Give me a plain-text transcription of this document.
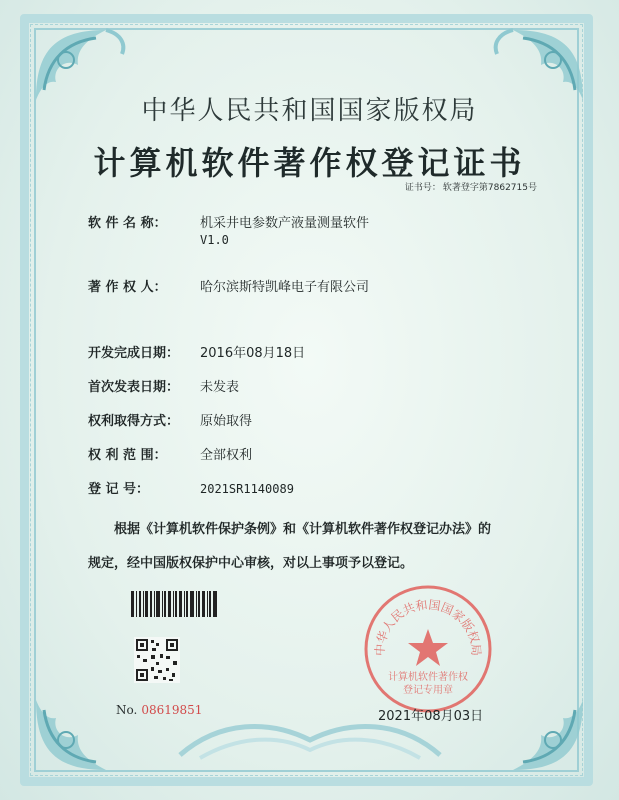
中华人民共和国国家版权局
计算机软件著作权登记证书
证书号： 软著登字第7862715号
软 件 名 称：	机采井电参数产液量测量软件
V1.0
著 作 权 人：	哈尔滨斯特凯峰电子有限公司
开发完成日期： 2016年08月18日
首次发表日期： 未发表
权利取得方式： 原始取得
权 利 范 围：	全部权利
登 记 号：	2021SR1140089
根据《计算机软件保护条例》和《计算机软件著作权登记办法》的
规定，经中国版权保护中心审核，对以上事项予以登记。
No. 08619851
中华人民共和国国家版权局
计算机软件著作权
登记专用章
2021年08月03日
